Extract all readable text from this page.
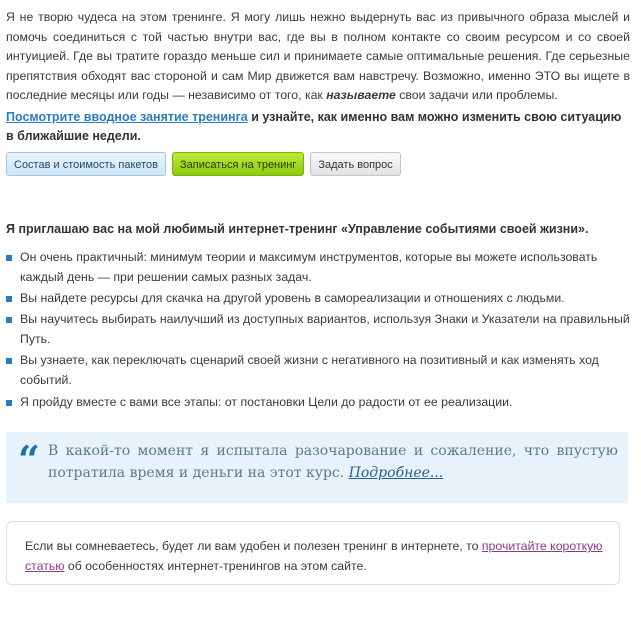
Я не творю чудеса на этом тренинге. Я могу лишь нежно выдернуть вас из привычного образа мыслей и помочь соединиться с той частью внутри вас, где вы в полном контакте со своим ресурсом и со своей интуицией. Где вы тратите гораздо меньше сил и принимаете самые оптимальные решения. Где серьезные препятствия обходят вас стороной и сам Мир движется вам навстречу. Возможно, именно ЭТО вы ищете в последние месяцы или годы — независимо от того, как называете свои задачи или проблемы.
Посмотрите вводное занятие тренинга и узнайте, как именно вам можно изменить свою ситуацию в ближайшие недели.
Состав и стоимость пакетов	Записаться на тренинг	Задать вопрос
Я приглашаю вас на мой любимый интернет-тренинг «Управление событиями своей жизни».
Он очень практичный: минимум теории и максимум инструментов, которые вы можете использовать каждый день — при решении самых разных задач.
Вы найдете ресурсы для скачка на другой уровень в самореализации и отношениях с людьми.
Вы научитесь выбирать наилучший из доступных вариантов, используя Знаки и Указатели на правильный Путь.
Вы узнаете, как переключать сценарий своей жизни с негативного на позитивный и как изменять ход событий.
Я пройду вместе с вами все этапы: от постановки Цели до радости от ее реализации.
“ В какой-то момент я испытала разочарование и сожаление, что впустую потратила время и деньги на этот курс. Подробнее...
Если вы сомневаетесь, будет ли вам удобен и полезен тренинг в интернете, то прочитайте короткую статью об особенностях интернет-тренингов на этом сайте.
